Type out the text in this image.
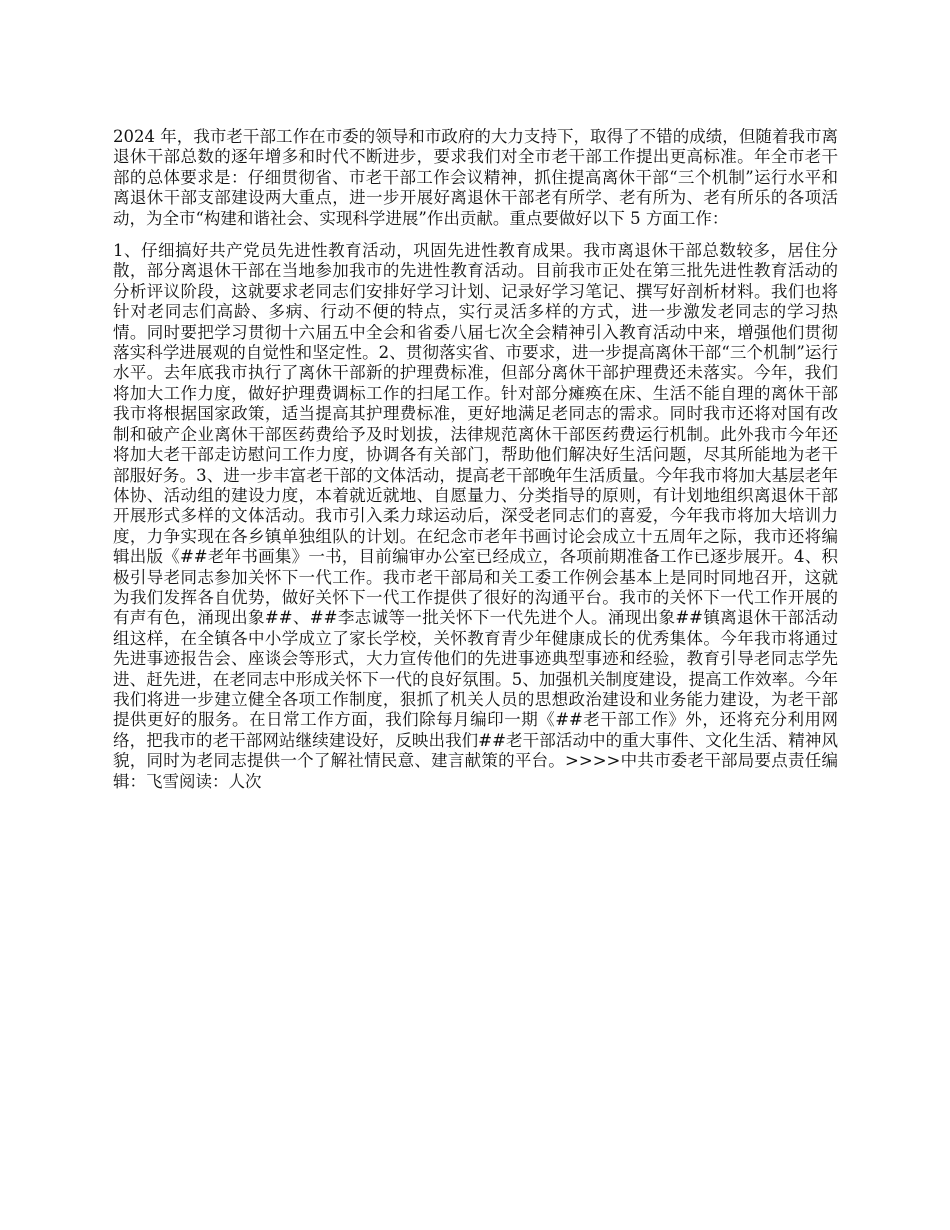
2024 年，我市老干部工作在市委的领导和市政府的大力支持下，取得了不错的成绩，但随着我市离退休干部总数的逐年增多和时代不断进步，要求我们对全市老干部工作提出更高标准。年全市老干部的总体要求是：仔细贯彻省、市老干部工作会议精神，抓住提高离休干部“三个机制”运行水平和离退休干部支部建设两大重点，进一步开展好离退休干部老有所学、老有所为、老有所乐的各项活动，为全市“构建和谐社会、实现科学进展”作出贡献。重点要做好以下 5 方面工作：

1、仔细搞好共产党员先进性教育活动，巩固先进性教育成果。我市离退休干部总数较多，居住分散，部分离退休干部在当地参加我市的先进性教育活动。目前我市正处在第三批先进性教育活动的分析评议阶段，这就要求老同志们安排好学习计划、记录好学习笔记、撰写好剖析材料。我们也将针对老同志们高龄、多病、行动不便的特点，实行灵活多样的方式，进一步激发老同志的学习热情。同时要把学习贯彻十六届五中全会和省委八届七次全会精神引入教育活动中来，增强他们贯彻落实科学进展观的自觉性和坚定性。2、贯彻落实省、市要求，进一步提高离休干部“三个机制”运行水平。去年底我市执行了离休干部新的护理费标准，但部分离休干部护理费还未落实。今年，我们将加大工作力度，做好护理费调标工作的扫尾工作。针对部分瘫痪在床、生活不能自理的离休干部我市将根据国家政策，适当提高其护理费标准，更好地满足老同志的需求。同时我市还将对国有改制和破产企业离休干部医药费给予及时划拔，法律规范离休干部医药费运行机制。此外我市今年还将加大老干部走访慰问工作力度，协调各有关部门，帮助他们解决好生活问题，尽其所能地为老干部服好务。3、进一步丰富老干部的文体活动，提高老干部晚年生活质量。今年我市将加大基层老年体协、活动组的建设力度，本着就近就地、自愿量力、分类指导的原则，有计划地组织离退休干部开展形式多样的文体活动。我市引入柔力球运动后，深受老同志们的喜爱，今年我市将加大培训力度，力争实现在各乡镇单独组队的计划。在纪念市老年书画讨论会成立十五周年之际，我市还将编辑出版《##老年书画集》一书，目前编审办公室已经成立，各项前期准备工作已逐步展开。4、积极引导老同志参加关怀下一代工作。我市老干部局和关工委工作例会基本上是同时同地召开，这就为我们发挥各自优势，做好关怀下一代工作提供了很好的沟通平台。我市的关怀下一代工作开展的有声有色，涌现出象##、##李志诚等一批关怀下一代先进个人。涌现出象##镇离退休干部活动组这样，在全镇各中小学成立了家长学校，关怀教育青少年健康成长的优秀集体。今年我市将通过先进事迹报告会、座谈会等形式，大力宣传他们的先进事迹典型事迹和经验，教育引导老同志学先进、赶先进，在老同志中形成关怀下一代的良好氛围。5、加强机关制度建设，提高工作效率。今年我们将进一步建立健全各项工作制度，狠抓了机关人员的思想政治建设和业务能力建设，为老干部提供更好的服务。在日常工作方面，我们除每月编印一期《##老干部工作》外，还将充分利用网络，把我市的老干部网站继续建设好，反映出我们##老干部活动中的重大事件、文化生活、精神风貌，同时为老同志提供一个了解社情民意、建言献策的平台。>>>>中共市委老干部局要点责任编辑：飞雪阅读：人次
